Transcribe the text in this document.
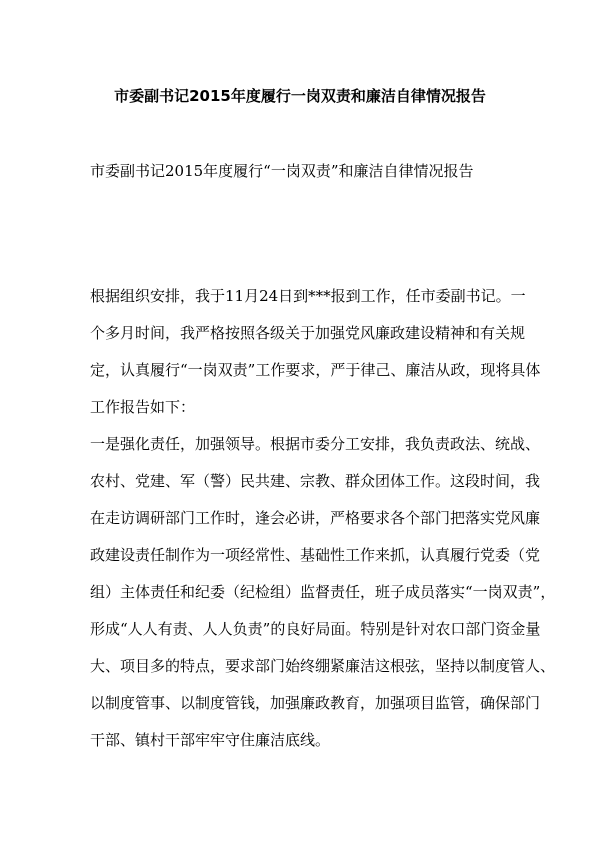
市委副书记2015年度履行一岗双责和廉洁自律情况报告
市委副书记2015年度履行“一岗双责”和廉洁自律情况报告
根据组织安排，我于11月24日到***报到工作，任市委副书记。一
个多月时间，我严格按照各级关于加强党风廉政建设精神和有关规
定，认真履行“一岗双责”工作要求，严于律己、廉洁从政，现将具体
工作报告如下：
一是强化责任，加强领导。根据市委分工安排，我负责政法、统战、
农村、党建、军（警）民共建、宗教、群众团体工作。这段时间，我
在走访调研部门工作时，逢会必讲，严格要求各个部门把落实党风廉
政建设责任制作为一项经常性、基础性工作来抓，认真履行党委（党
组）主体责任和纪委（纪检组）监督责任，班子成员落实“一岗双责”，
形成“人人有责、人人负责”的良好局面。特别是针对农口部门资金量
大、项目多的特点，要求部门始终绷紧廉洁这根弦，坚持以制度管人、
以制度管事、以制度管钱，加强廉政教育，加强项目监管，确保部门
干部、镇村干部牢牢守住廉洁底线。
